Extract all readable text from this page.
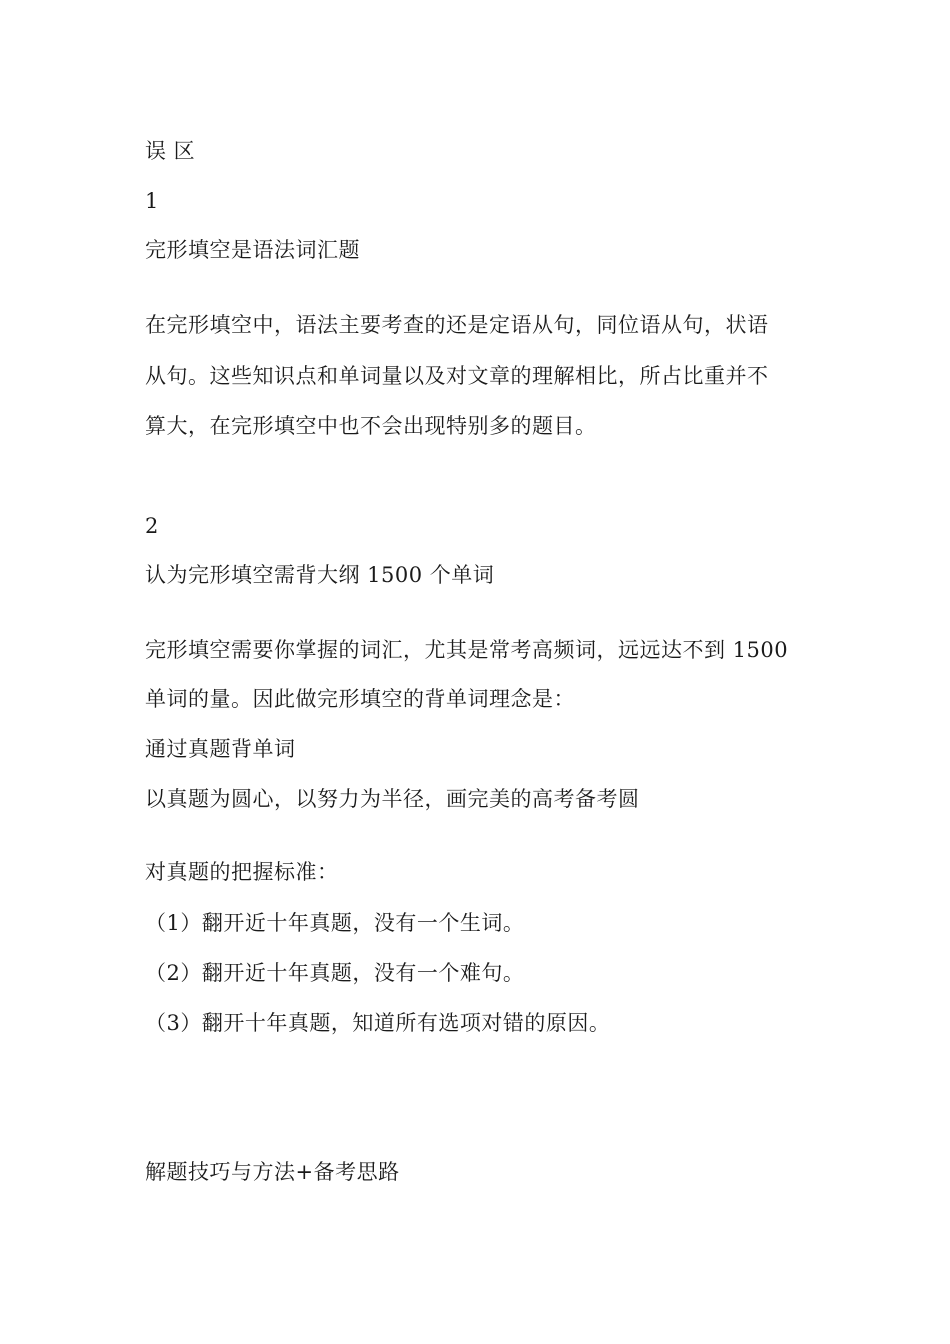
误 区
1
完形填空是语法词汇题
在完形填空中，语法主要考查的还是定语从句，同位语从句，状语
从句。这些知识点和单词量以及对文章的理解相比，所占比重并不
算大，在完形填空中也不会出现特别多的题目。
2
认为完形填空需背大纲 1500 个单词
完形填空需要你掌握的词汇，尤其是常考高频词，远远达不到 1500
单词的量。因此做完形填空的背单词理念是：
通过真题背单词
以真题为圆心，以努力为半径，画完美的高考备考圆
对真题的把握标准：
（1）翻开近十年真题，没有一个生词。
（2）翻开近十年真题，没有一个难句。
（3）翻开十年真题，知道所有选项对错的原因。
解题技巧与方法+备考思路
